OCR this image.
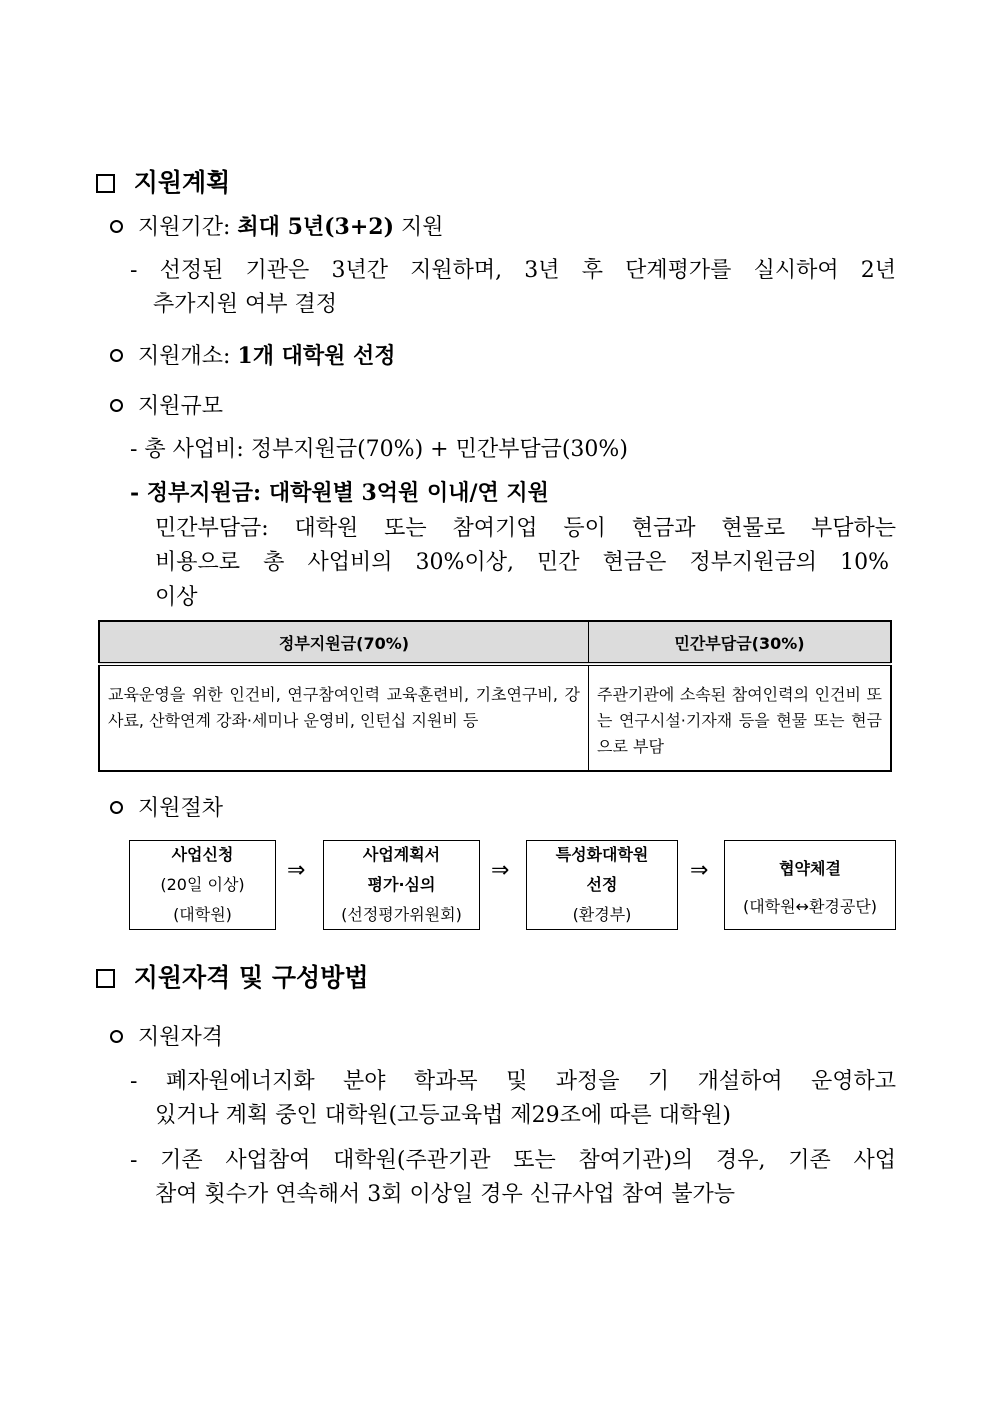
지원계획
지원기간: 최대 5년(3+2) 지원
- 선정된 기관은 3년간 지원하며, 3년 후 단계평가를 실시하여 2년
추가지원 여부 결정
지원개소: 1개 대학원 선정
지원규모
- 총 사업비: 정부지원금(70%) + 민간부담금(30%)
- 정부지원금: 대학원별 3억원 이내/연 지원
민간부담금: 대학원 또는 참여기업 등이 현금과 현물로 부담하는
비용으로 총 사업비의 30%이상, 민간 현금은 정부지원금의 10%
이상
정부지원금(70%)	민간부담금(30%)
교육운영을 위한 인건비, 연구참여인력 교육훈련비, 기초연구비, 강사료, 산학연계 강좌·세미나 운영비, 인턴십 지원비 등	주관기관에 소속된 참여인력의 인건비 또는 연구시설·기자재 등을 현물 또는 현금으로 부담
지원절차
사업신청
(20일 이상)
(대학원)
⇒
사업계획서
평가·심의
(선정평가위원회)
⇒
특성화대학원
선정
(환경부)
⇒	협약체결
(대학원↔환경공단)
지원자격 및 구성방법
지원자격
- 폐자원에너지화 분야 학과목 및 과정을 기 개설하여 운영하고
있거나 계획 중인 대학원(고등교육법 제29조에 따른 대학원)
- 기존 사업참여 대학원(주관기관 또는 참여기관)의 경우, 기존 사업
참여 횟수가 연속해서 3회 이상일 경우 신규사업 참여 불가능
